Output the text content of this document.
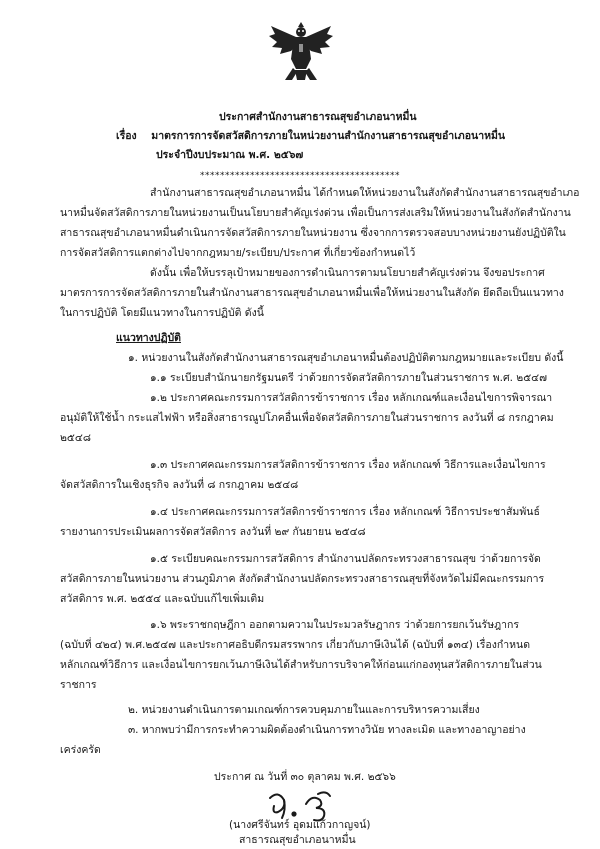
ประกาศสำนักงานสาธารณสุขอำเภอนาหมื่น
เรื่อง มาตรการการจัดสวัสดิการภายในหน่วยงานสำนักงานสาธารณสุขอำเภอนาหมื่น
ประจำปีงบประมาณ พ.ศ. ๒๕๖๗
****************************************
สำนักงานสาธารณสุขอำเภอนาหมื่น ได้กำหนดให้หน่วยงานในสังกัดสำนักงานสาธารณสุขอำเภอ
นาหมื่นจัดสวัสดิการภายในหน่วยงานเป็นนโยบายสำคัญเร่งด่วน เพื่อเป็นการส่งเสริมให้หน่วยงานในสังกัดสำนักงาน
สาธารณสุขอำเภอนาหมื่นดำเนินการจัดสวัสดิการภายในหน่วยงาน ซึ่งจากการตรวจสอบบางหน่วยงานยังปฏิบัติใน
การจัดสวัสดิการแตกต่างไปจากกฎหมาย/ระเบียบ/ประกาศ ที่เกี่ยวข้องกำหนดไว้
ดังนั้น เพื่อให้บรรลุเป้าหมายของการดำเนินการตามนโยบายสำคัญเร่งด่วน จึงขอประกาศ
มาตรการการจัดสวัสดิการภายในสำนักงานสาธารณสุขอำเภอนาหมื่นเพื่อให้หน่วยงานในสังกัด ยึดถือเป็นแนวทาง
ในการปฏิบัติ โดยมีแนวทางในการปฏิบัติ ดังนี้
แนวทางปฏิบัติ
๑. หน่วยงานในสังกัดสำนักงานสาธารณสุขอำเภอนาหมื่นต้องปฏิบัติตามกฎหมายและระเบียบ ดังนี้
๑.๑ ระเบียบสำนักนายกรัฐมนตรี ว่าด้วยการจัดสวัสดิการภายในส่วนราชการ พ.ศ. ๒๕๔๗
๑.๒ ประกาศคณะกรรมการสวัสดิการข้าราชการ เรื่อง หลักเกณฑ์และเงื่อนไขการพิจารณา
อนุมัติให้ใช้น้ำ กระแสไฟฟ้า หรือสิ่งสาธารณูปโภคอื่นเพื่อจัดสวัสดิการภายในส่วนราชการ ลงวันที่ ๘ กรกฎาคม
๒๕๔๘
๑.๓ ประกาศคณะกรรมการสวัสดิการข้าราชการ เรื่อง หลักเกณฑ์ วิธีการและเงื่อนไขการ
จัดสวัสดิการในเชิงธุรกิจ ลงวันที่ ๘ กรกฎาคม ๒๕๔๘
๑.๔ ประกาศคณะกรรมการสวัสดิการข้าราชการ เรื่อง หลักเกณฑ์ วิธีการประชาสัมพันธ์
รายงานการประเมินผลการจัดสวัสดิการ ลงวันที่ ๒๙ กันยายน ๒๕๔๘
๑.๕ ระเบียบคณะกรรมการสวัสดิการ สำนักงานปลัดกระทรวงสาธารณสุข ว่าด้วยการจัด
สวัสดิการภายในหน่วยงาน ส่วนภูมิภาค สังกัดสำนักงานปลัดกระทรวงสาธารณสุขที่จังหวัดไม่มีคณะกรรมการ
สวัสดิการ พ.ศ. ๒๕๕๔ และฉบับแก้ไขเพิ่มเติม
๑.๖ พระราชกฤษฎีกา ออกตามความในประมวลรัษฎากร ว่าด้วยการยกเว้นรัษฎากร
(ฉบับที่ ๔๒๔) พ.ศ.๒๕๔๗ และประกาศอธิบดีกรมสรรพากร เกี่ยวกับภาษีเงินได้ (ฉบับที่ ๑๓๔) เรื่องกำหนด
หลักเกณฑ์วิธีการ และเงื่อนไขการยกเว้นภาษีเงินได้สำหรับการบริจาคให้ก่อนแก่กองทุนสวัสดิการภายในส่วน
ราชการ
๒. หน่วยงานดำเนินการตามเกณฑ์การควบคุมภายในและการบริหารความเสี่ยง
๓. หากพบว่ามีการกระทำความผิดต้องดำเนินการทางวินัย ทางละเมิด และทางอาญาอย่าง
เคร่งครัด
ประกาศ ณ วันที่ ๓๐ ตุลาคม พ.ศ. ๒๕๖๖
(นางศรีจันทร์ อุดมแก้วกาญจน์)
สาธารณสุขอำเภอนาหมื่น
